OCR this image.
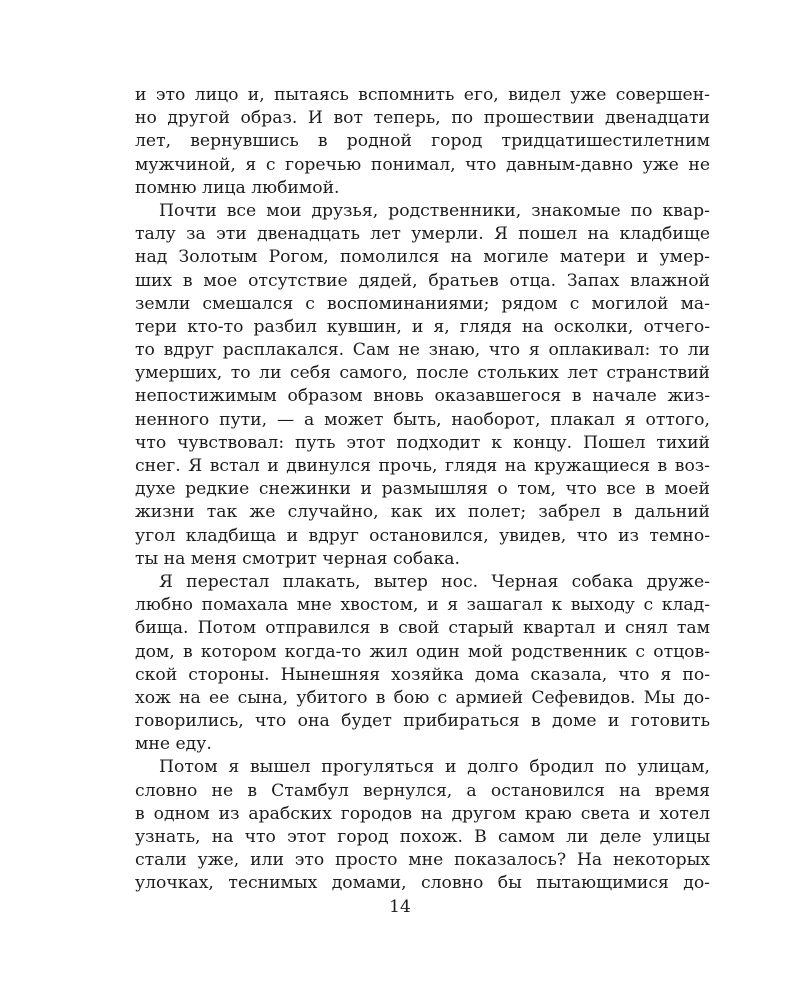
и это лицо и, пытаясь вспомнить его, видел уже совершен-
но другой образ. И вот теперь, по прошествии двенадцати
лет, вернувшись в родной город тридцатишестилетним
мужчиной, я с горечью понимал, что давным-давно уже не
помню лица любимой.
Почти все мои друзья, родственники, знакомые по квар-
талу за эти двенадцать лет умерли. Я пошел на кладбище
над Золотым Рогом, помолился на могиле матери и умер-
ших в мое отсутствие дядей, братьев отца. Запах влажной
земли смешался с воспоминаниями; рядом с могилой ма-
тери кто-то разбил кувшин, и я, глядя на осколки, отчего-
то вдруг расплакался. Сам не знаю, что я оплакивал: то ли
умерших, то ли себя самого, после стольких лет странствий
непостижимым образом вновь оказавшегося в начале жиз-
ненного пути, — а может быть, наоборот, плакал я оттого,
что чувствовал: путь этот подходит к концу. Пошел тихий
снег. Я встал и двинулся прочь, глядя на кружащиеся в воз-
духе редкие снежинки и размышляя о том, что все в моей
жизни так же случайно, как их полет; забрел в дальний
угол кладбища и вдруг остановился, увидев, что из темно-
ты на меня смотрит черная собака.
Я перестал плакать, вытер нос. Черная собака друже-
любно помахала мне хвостом, и я зашагал к выходу с клад-
бища. Потом отправился в свой старый квартал и снял там
дом, в котором когда-то жил один мой родственник с отцов-
ской стороны. Нынешняя хозяйка дома сказала, что я по-
хож на ее сына, убитого в бою с армией Сефевидов. Мы до-
говорились, что она будет прибираться в доме и готовить
мне еду.
Потом я вышел прогуляться и долго бродил по улицам,
словно не в Стамбул вернулся, а остановился на время
в одном из арабских городов на другом краю света и хотел
узнать, на что этот город похож. В самом ли деле улицы
стали уже, или это просто мне показалось? На некоторых
улочках, теснимых домами, словно бы пытающимися до-
14
